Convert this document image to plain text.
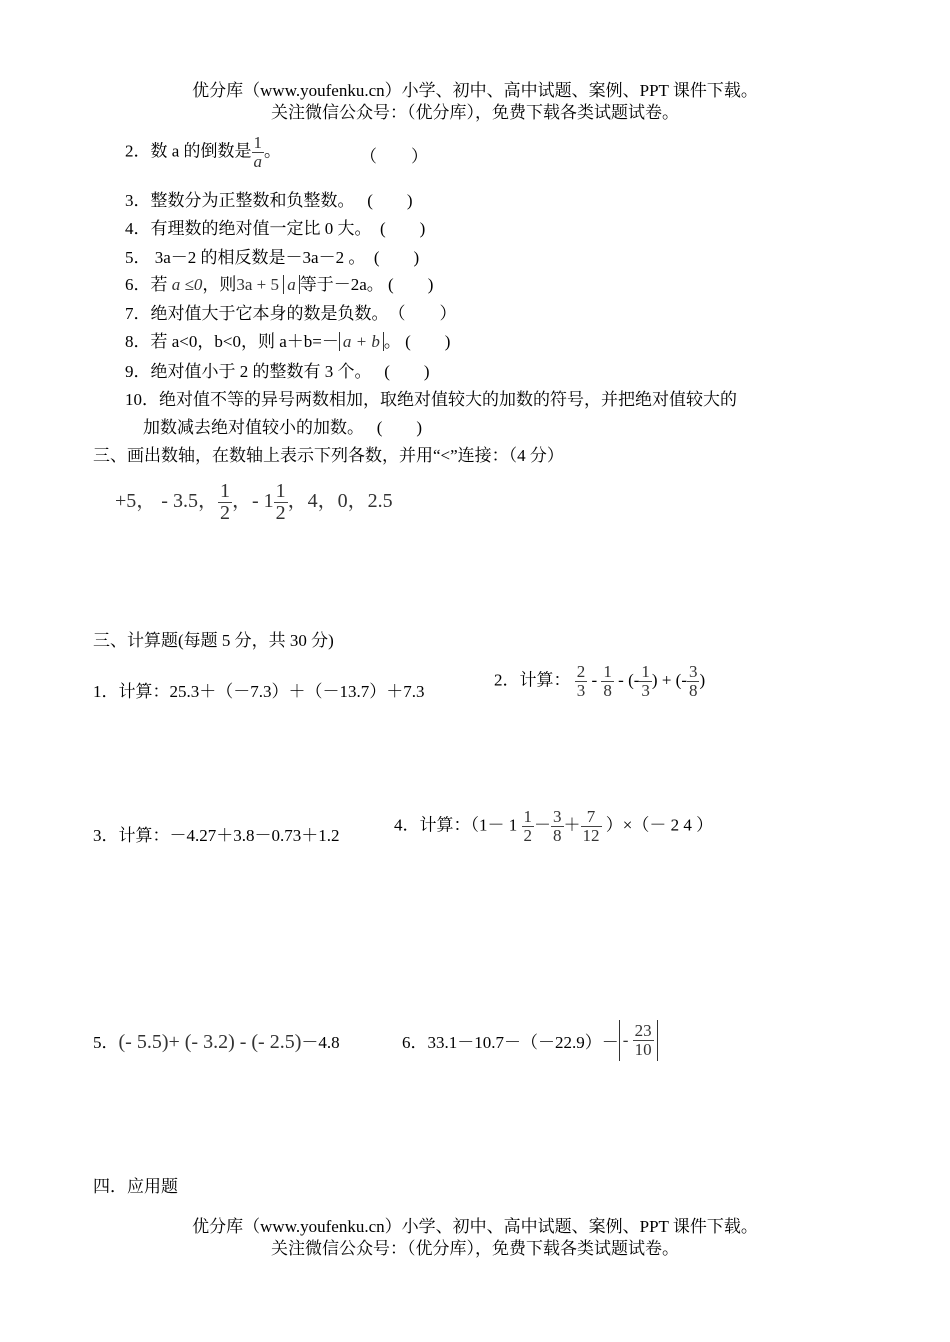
优分库（www.youfenku.cn）小学、初中、高中试题、案例、PPT 课件下载。
关注微信公众号：（优分库），免费下载各类试题试卷。
2．数 a 的倒数是 $\frac{1}{a}$ 。	（　　）
3．整数分为正整数和负整数。　 (　　)
4．有理数的绝对值一定比 0 大。　(　　)
5． 3a－2 的相反数是－3a－2 。　(　　)
6．若 a ≤0，则3a + 5 a 等于－2a。 (　　)
7．绝对值大于它本身的数是负数。　（　　）
8．若 a<0，b<0，则 a＋b=－ a + b 。 (　　)
9．绝对值小于 2 的整数有 3 个。　 (　　)
10．绝对值不等的异号两数相加，取绝对值较大的加数的符号，并把绝对值较大的
加数减去绝对值较小的加数。　 (　　)
三、画出数轴，在数轴上表示下列各数，并用“<”连接：（4 分）
+5， - 3.5， $\frac{1}{2}$ ，- $1 \frac{1}{2}$ ，4，0，2.5
三、计算题(每题 5 分，共 30 分)
1．计算：25.3＋（－7.3）＋（－13.7）＋7.3
2．计算： $\frac{2}{3} - \frac{1}{8}$ - (- $\frac{1}{3}$ ) + (- $\frac{3}{8}$ )
3．计算：－4.27＋3.8－0.73＋1.2
4．计算：（$1- 1 \frac{1}{2} - \frac{3}{8} + \frac{7}{12}$ ）×（－ 2 4 ）
5．(- 5.5)+ (- 3.2) - (- 2.5)－4.8	6．$33.1-10.7-(-22.9)- - \frac{23}{10}$
四．应用题
优分库（www.youfenku.cn）小学、初中、高中试题、案例、PPT 课件下载。
关注微信公众号：（优分库），免费下载各类试题试卷。
